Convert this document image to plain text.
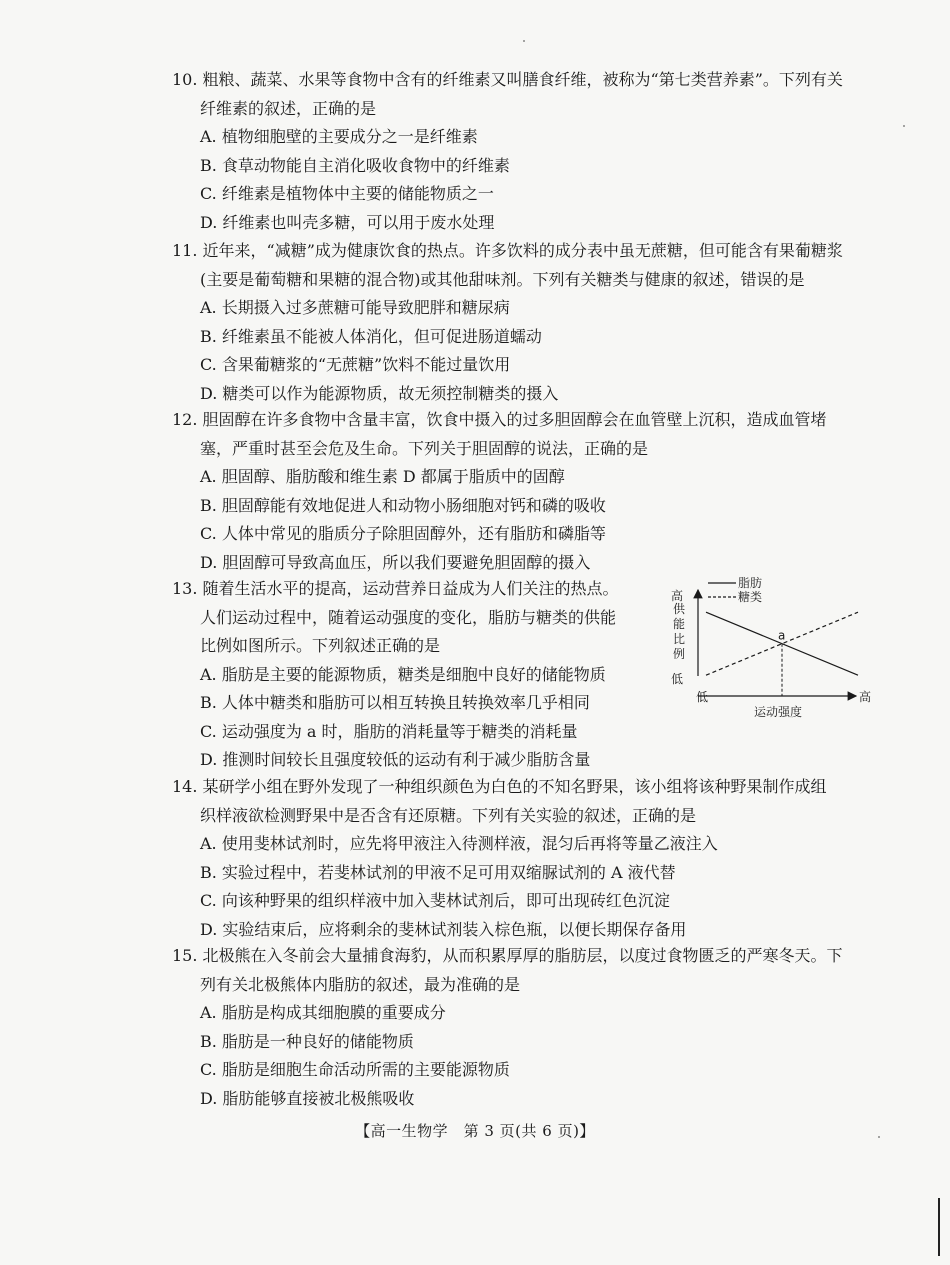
10. 粗粮、蔬菜、水果等食物中含有的纤维素又叫膳食纤维，被称为“第七类营养素”。下列有关
纤维素的叙述，正确的是
A. 植物细胞壁的主要成分之一是纤维素
B. 食草动物能自主消化吸收食物中的纤维素
C. 纤维素是植物体中主要的储能物质之一
D. 纤维素也叫壳多糖，可以用于废水处理
11. 近年来，“减糖”成为健康饮食的热点。许多饮料的成分表中虽无蔗糖，但可能含有果葡糖浆
(主要是葡萄糖和果糖的混合物)或其他甜味剂。下列有关糖类与健康的叙述，错误的是
A. 长期摄入过多蔗糖可能导致肥胖和糖尿病
B. 纤维素虽不能被人体消化，但可促进肠道蠕动
C. 含果葡糖浆的“无蔗糖”饮料不能过量饮用
D. 糖类可以作为能源物质，故无须控制糖类的摄入
12. 胆固醇在许多食物中含量丰富，饮食中摄入的过多胆固醇会在血管壁上沉积，造成血管堵
塞，严重时甚至会危及生命。下列关于胆固醇的说法，正确的是
A. 胆固醇、脂肪酸和维生素 D 都属于脂质中的固醇
B. 胆固醇能有效地促进人和动物小肠细胞对钙和磷的吸收
C. 人体中常见的脂质分子除胆固醇外，还有脂肪和磷脂等
D. 胆固醇可导致高血压，所以我们要避免胆固醇的摄入
13. 随着生活水平的提高，运动营养日益成为人们关注的热点。
人们运动过程中，随着运动强度的变化，脂肪与糖类的供能
比例如图所示。下列叙述正确的是
A. 脂肪是主要的能源物质，糖类是细胞中良好的储能物质
B. 人体中糖类和脂肪可以相互转换且转换效率几乎相同
C. 运动强度为 a 时，脂肪的消耗量等于糖类的消耗量
D. 推测时间较长且强度较低的运动有利于减少脂肪含量
高
低
供能比例
低	高
运动强度
脂肪
糖类
a
14. 某研学小组在野外发现了一种组织颜色为白色的不知名野果，该小组将该种野果制作成组
织样液欲检测野果中是否含有还原糖。下列有关实验的叙述，正确的是
A. 使用斐林试剂时，应先将甲液注入待测样液，混匀后再将等量乙液注入
B. 实验过程中，若斐林试剂的甲液不足可用双缩脲试剂的 A 液代替
C. 向该种野果的组织样液中加入斐林试剂后，即可出现砖红色沉淀
D. 实验结束后，应将剩余的斐林试剂装入棕色瓶，以便长期保存备用
15. 北极熊在入冬前会大量捕食海豹，从而积累厚厚的脂肪层，以度过食物匮乏的严寒冬天。下
列有关北极熊体内脂肪的叙述，最为准确的是
A. 脂肪是构成其细胞膜的重要成分
B. 脂肪是一种良好的储能物质
C. 脂肪是细胞生命活动所需的主要能源物质
D. 脂肪能够直接被北极熊吸收
【高一生物学　第 3 页(共 6 页)】
